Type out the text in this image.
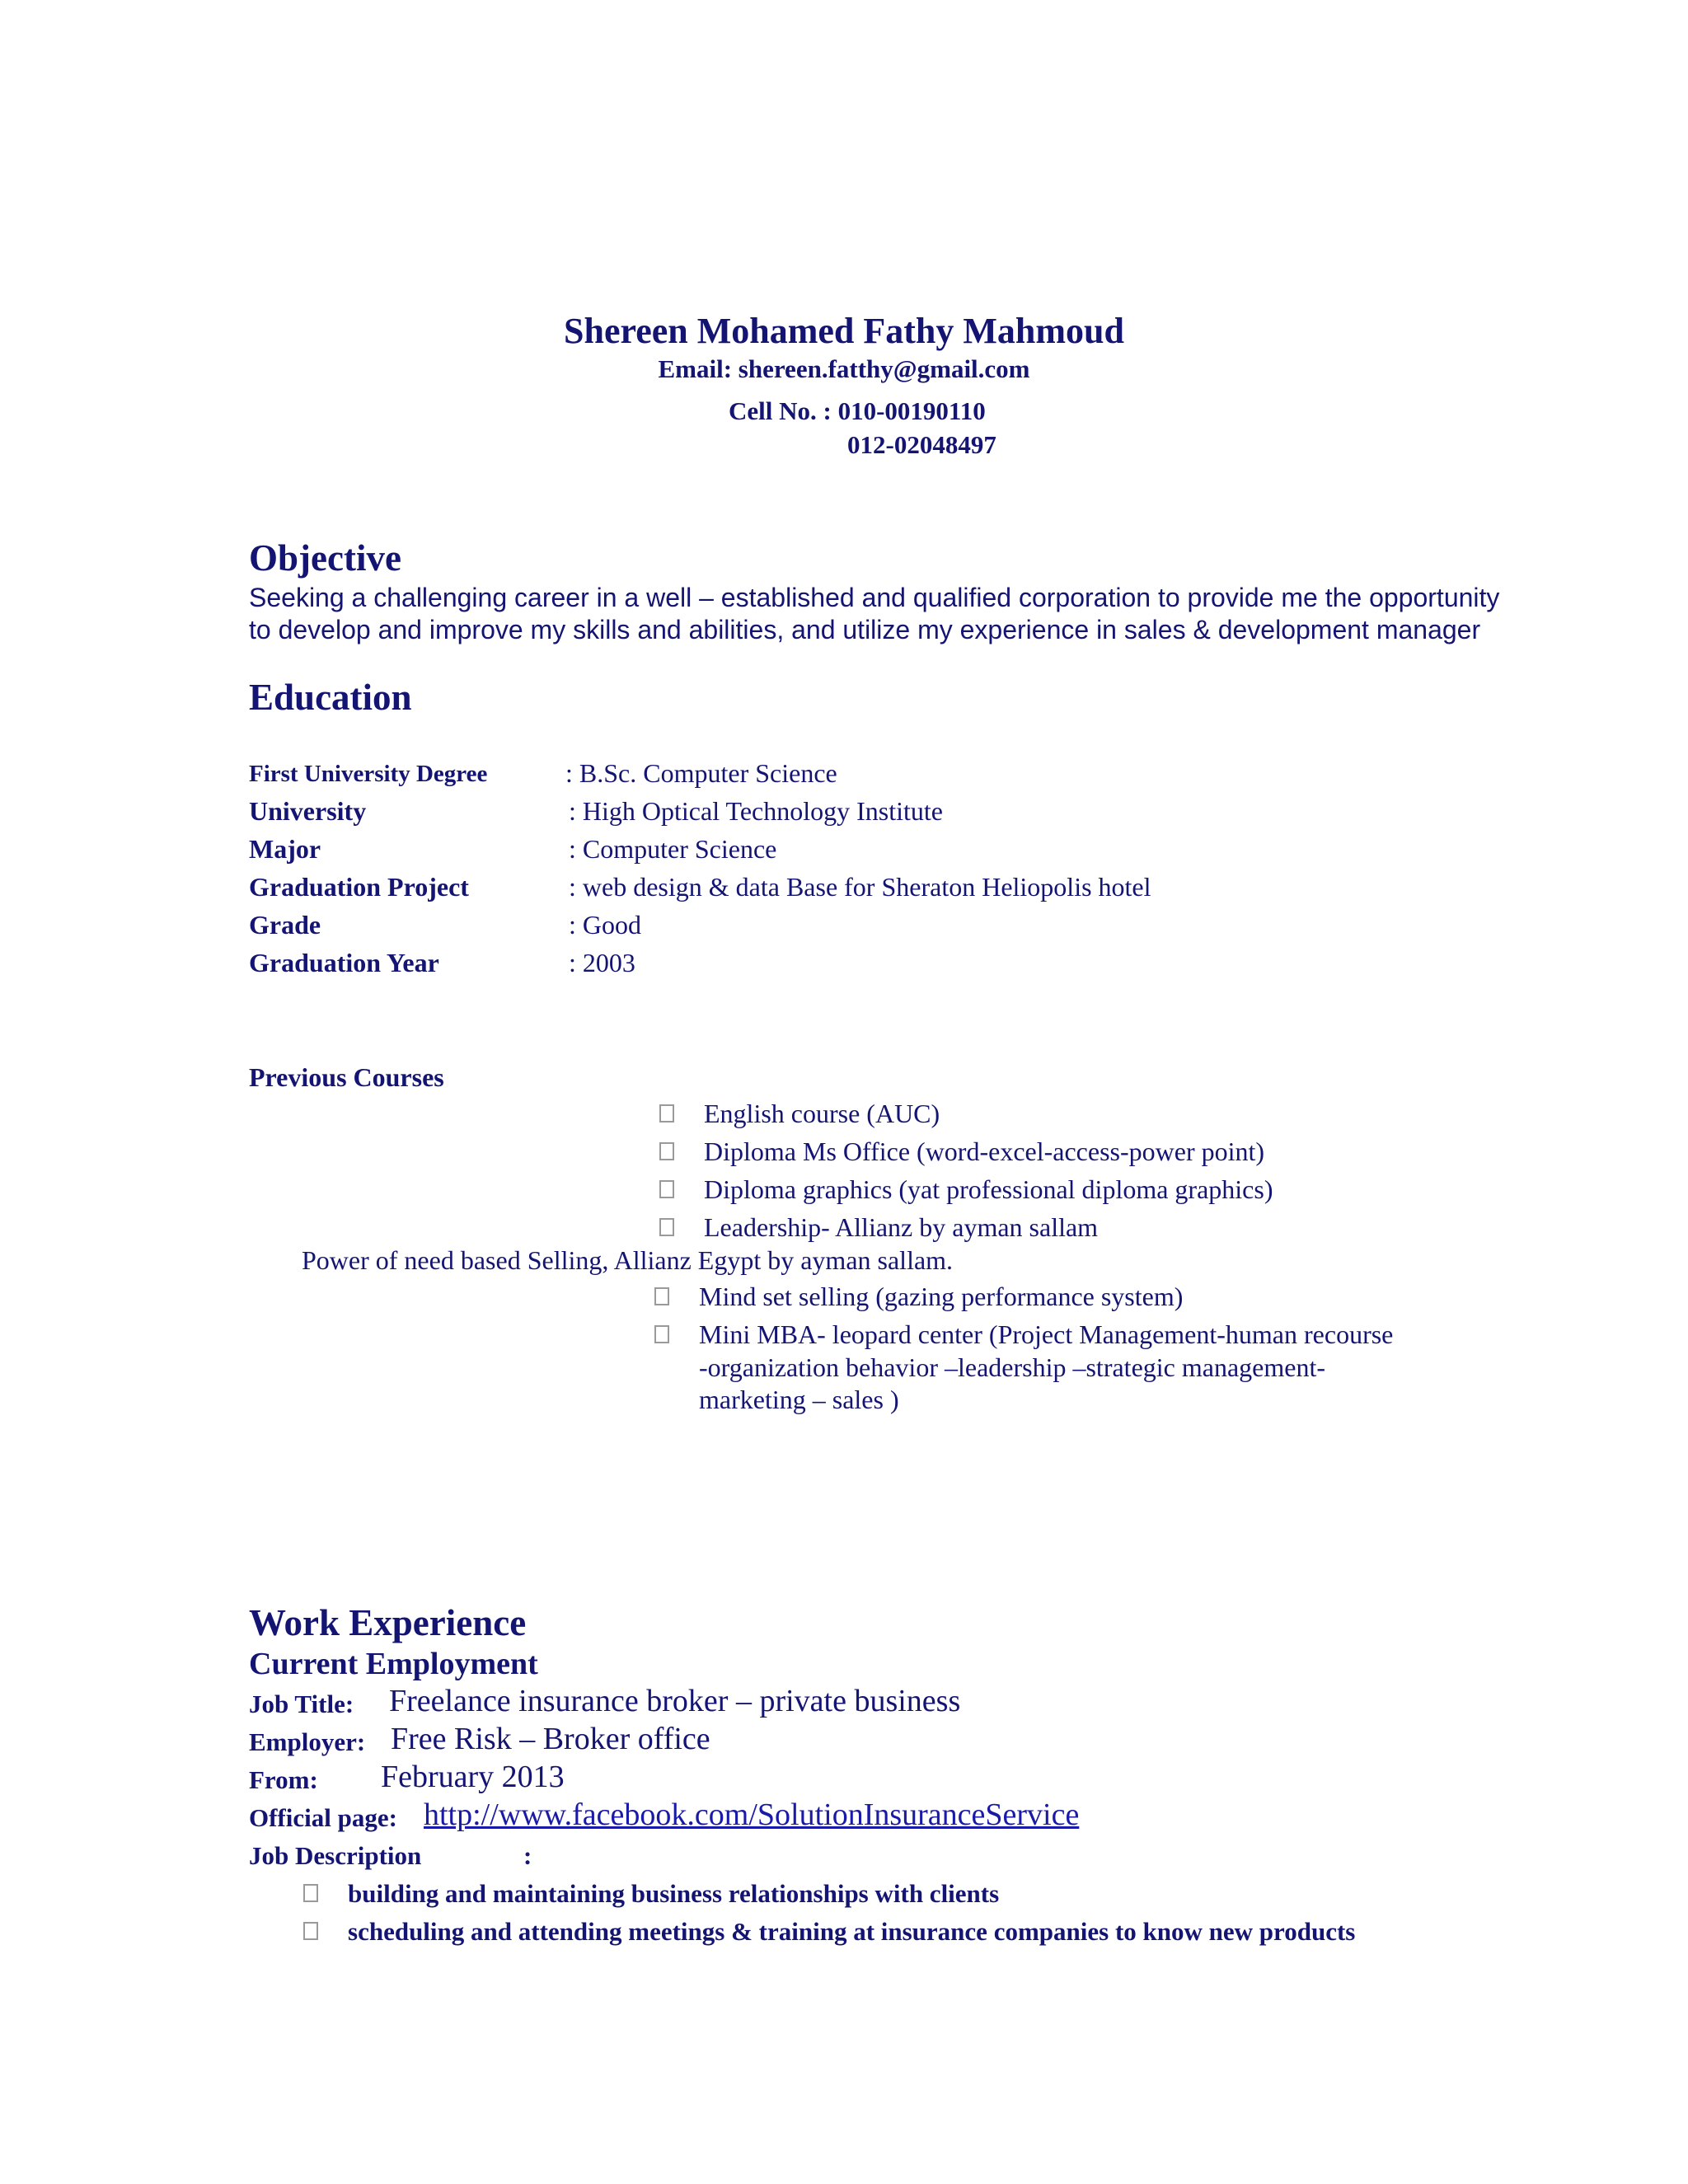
Shereen Mohamed Fathy Mahmoud
Email: shereen.fatthy@gmail.com
Cell No. : 010-00190110
012-02048497
Objective
Seeking a challenging career in a well – established and qualified corporation to provide me the opportunity to develop and improve my skills and abilities, and utilize my experience in sales & development manager
Education
First University Degree	: B.Sc. Computer Science
University	: High Optical Technology Institute
Major	: Computer Science
Graduation Project	: web design & data Base for Sheraton Heliopolis hotel
Grade	: Good
Graduation Year	: 2003
Previous Courses
English course (AUC)
Diploma Ms Office (word-excel-access-power point)
Diploma graphics (yat professional diploma graphics)
Leadership- Allianz by ayman sallam
Power of need based Selling, Allianz Egypt by ayman sallam.
Mind set selling (gazing performance system)
Mini MBA- leopard center (Project Management-human recourse
-organization behavior –leadership –strategic management-
marketing – sales )
Work Experience
Current Employment
Job Title: Freelance insurance broker – private business
Employer: Free Risk – Broker office
From: February 2013
Official page: http://www.facebook.com/SolutionInsuranceService
Job Description	:
building and maintaining business relationships with clients
scheduling and attending meetings & training at insurance companies to know new products
